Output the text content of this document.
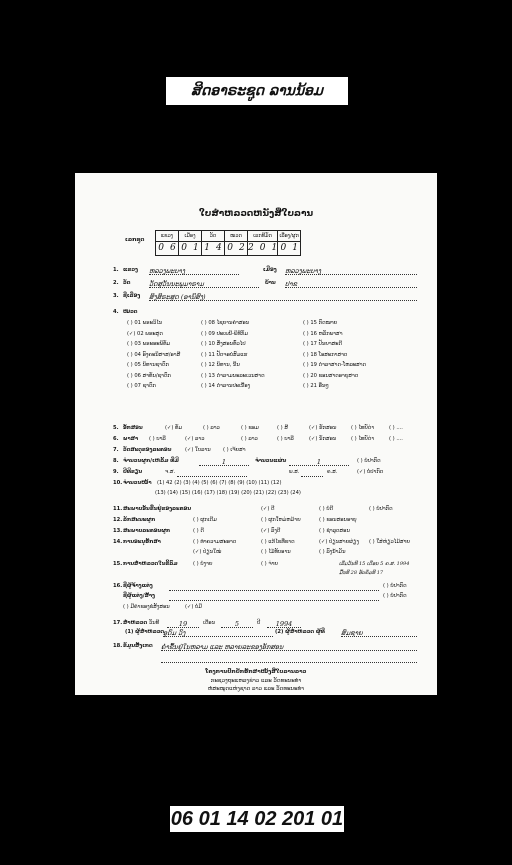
ສິດອາຣະຊູດ ລານນ້ອມ
ໃບສຳຫລວດຫນັງສືໃບລານ
ເລກຊຸດ
ແຂວງ	ເມືອງ	ວັດ	ໝວດ	ເລກທີມັດ	ເລື່ອງ/ຜູກ
0 6	0 1	1 4	0 2	2 0 1	0 1
1. ແຂວງ ຫລວງພະບາງ	ເມືອງ ຫລວງພະບາງ
2. ວັດ	ວັດສຸວັນນະພູມາຣາມ	ບ້ານ ປາຂ
3. ຊື່ເລື່ອງ ສິງສິຣະສູດ (ອານິສົງ)
4. ໝວດ
( ) 01 ພຣະວິໄນ	( ) 08 ໄຊຍານຄຳສອນ	( ) 15 ກົດໝາຍ
(✓) 02 ພຣະສູດ	( ) 09 ປະເພນີ-ພິທີກັມ	( ) 16 ຫລັກພາສາ
( ) 03 ພຣະອະພິທັມ	( ) 10 ສັ່ງສອນທົ່ວໄປ	( ) 17 ປັນຍາສະດີ
( ) 04 ອົງຄະນິສາສ/ອາສີ	( ) 11 ປັດຈອບໍສົມແຮ	( ) 18 ໂອສະກາສາດ
( ) 05 ນິທານຊາດົກ	( ) 12 ນິທານ, ນິ້ນ	( ) 19 ດຳລາສາດ-ໂຫລະສາດ
( ) 06 ສາທັນ/ຊາດົກ	( ) 13 ດຳລາມນະລະເວນສາດ	( ) 20 ຂອນສາດອາຍຸສາດ
( ) 07 ຊາດົກ	( ) 14 ດຳລານປະເນື້ອງ	( ) 21 ອື່ນໆ
5. ອັກສອນ	(✓) ທັມ	( ) ລາວ	( ) ຂອມ	( ) ສີ	(✓) ຮັກສອນ	( ) ໄທຍ໌ດ່າ	( ) ....
6. ພາສາ ( ) ບາລີ	(✓) ລາວ	( ) ລາວ	( ) ບາລີ	(✓) ນັກສອນ	( ) ໄທຍ໌ດ່າ	( ) ....
7. ວັດສະດຸຂອງລະຄອນ	(✓) ໃບລານ ( ) ເຈ້ຍສາ
8. ຈຳນວນຜູກ/ເຫລັ້ມ ທີ່ມີ	1	ຈຳນວນແຜ່ນ	1	( ) ບໍ່ປາກົດ
9. ປີທີຂຽນ	ຈ.ສ.	ພ.ສ.	ຄ.ສ.	(✓) ບໍ່ປາກົດ
10. ຈຳນວນໜ້າ (1) 42 (2) (3) (4) (5) (6) (7) (8) (9) (10) (11) (12)
(13) (14) (15) (16) (17) (18) (19) (20) (21) (22) (23) (24)
11. ສະພາບອັນຂື້ນຢູ່ຂອງລະຄອນ	(✓) ດີ	( ) ບໍ່ດີ	( ) ບໍ່ປາກົດ
12. ລັກສະນະຜູກ	( ) ຜູກເດີມ	( ) ຜູກໃຫມ່ຫມ້າຍ	( ) ຂອນສອນອາຍຸ
13. ສະພາບລະຄອນຜູກ	( ) ດີ	(✓) ລົງດີ	( ) ຊຳລຸດສອນ
14. ການອະນຸຮັກສາ
(✓) ປ່ຽນໃໝ່	( ) ໄມ້ທັບອານ
(✓) ປ່ຽນສາຍຜ່ຽງ
( ) ທຳຄວາມສະອາດ	( ) ແກ້ໄຂທີ່ຂາດ	( ) ໃສ່ຫ່ຽວໄມ້ສາຍ
( ) ລົງນ້ຳມັນ
15. ການສຳຫລວດໃນຂີ້ລົມ	( ) ບໍ່ງາຍ	( ) ຈ່າຍ	ເລີ່ມວັນທີ 15 ເດືອນ 5 ຄ.ສ. 1994
ມື້ນທີ 28 ອັບຄັມທີ 17
16. ຊື່ຜູ້ຈ້າງແຕ່ງ	( ) ບໍ່ປາກົດ
ຊື່ຜູ້ແຕ່ງ/ສ້າງ	( ) ບໍ່ປາກົດ
( ) ມີຄຳຂອງຂໍສັງສອນ	(✓) ບໍ່ມີ
17. ສຳຫລວດ ວັນທີ	19	ເດືອນ	5	ປີ	1994
(1) ຜູ້ສຳຫລວດ
ອຸດົມ ວົງ	(2) ຜູ້ສຳຫລວດ ຜູ້ທີ່ ສົມຊາຍ
18. ຂໍ້ມູນສັງເກດ ຄຳຂຶ້ນຢູ່ໃນຫລາມ ແລະ ຫລາຍລະຂອງອັກສອນ
ໂຄງການປົກປັກຮັກສາໜັງສືໃບລານລາວ
ກະຊວງຖະແຫລງຂ່າວ ແລະ ວັດທະນະທຳ
ຫໍສະໝຸດແຫ່ງຊາດ ລາວ ແລະ ວັດທະນະທຳ
06 01 14 02 201 01
